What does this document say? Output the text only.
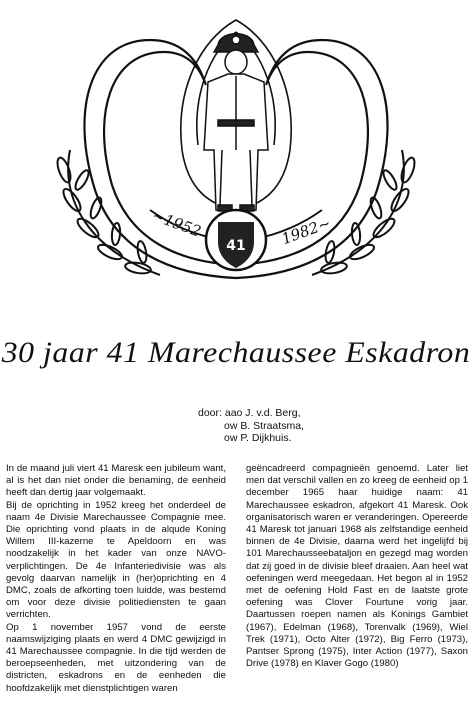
~1952	1982~
41
30 jaar 41 Marechaussee Eskadron

door: aao J. v.d. Berg,

ow B. Straatsma,

ow P. Dijkhuis.

In de maand juli viert 41 Maresk een jubileum want, al is het dan niet onder die benaming, de eenheid heeft dan dertig jaar volgemaakt.

Bij de oprichting in 1952 kreeg het onderdeel de naam 4e Divisie Marechaussee Compagnie mee. Die oprichting vond plaats in de alqude Koning Willem III-kazerne te Apeldoorn en was noodzakelijk in het kader van onze NAVO-verplichtingen. De 4e Infanteriedivisie was als gevolg daarvan namelijk in (her)oprichting en 4 DMC, zoals de afkorting toen luidde, was bestemd om voor deze divisie politiediensten te gaan verrichten.

Op 1 november 1957 vond de eerste naamswijziging plaats en werd 4 DMC gewijzigd in 41 Marechaussee compagnie. In die tijd werden de beroepseenheden, met uitzondering van de districten, eskadrons en de eenheden die hoofdzakelijk met dienstplichtigen waren

geëncadreerd compagnieën genoemd. Later liet men dat verschil vallen en zo kreeg de eenheid op 1 december 1965 haar huidige naam: 41 Marechaussee eskadron, afgekort 41 Maresk. Ook organisatorisch waren er veranderingen. Opereerde 41 Maresk tot januari 1968 als zelfstandige eenheid binnen de 4e Divisie, daarna werd het ingelijfd bij 101 Marechausseebataljon en gezegd mag worden dat zij goed in de divisie bleef draaien. Aan heel wat oefeningen werd meegedaan. Het begon al in 1952 met de oefening Hold Fast en de laatste grote oefening was Clover Fourtune vorig jaar. Daartussen roepen namen als Konings Gambiet (1967), Edelman (1968), Torenvalk (1969), Wiel Trek (1971), Octo Alter (1972), Big Ferro (1973), Pantser Sprong (1975), Inter Action (1977), Saxon Drive (1978) en Klaver Gogo (1980)
